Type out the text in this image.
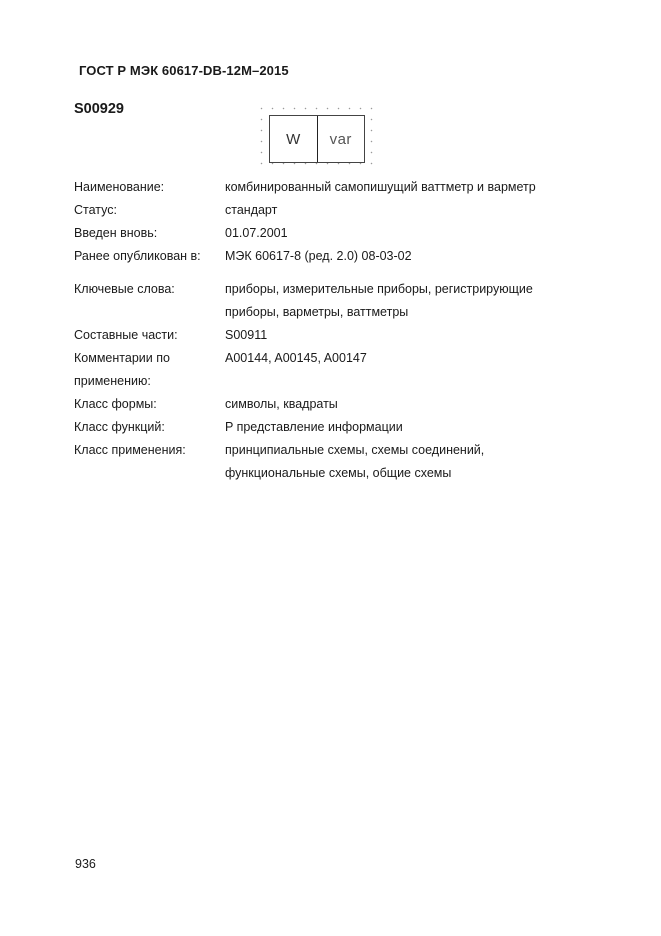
ГОСТ Р МЭК 60617-DB-12M–2015
S00929
W	var
Наименование:	комбинированный самопишущий ваттметр и варметр
Статус:	стандарт
Введен вновь:	01.07.2001
Ранее опубликован в:	МЭК 60617-8 (ред. 2.0) 08-03-02
Ключевые слова:	приборы, измерительные приборы, регистрирующие
приборы, варметры, ваттметры
Составные части:	S00911
Комментарии по	A00144, A00145, A00147
применению:
Класс формы:	символы, квадраты
Класс функций:	P представление информации
Класс применения:	принципиальные схемы, схемы соединений,
функциональные схемы, общие схемы
936
